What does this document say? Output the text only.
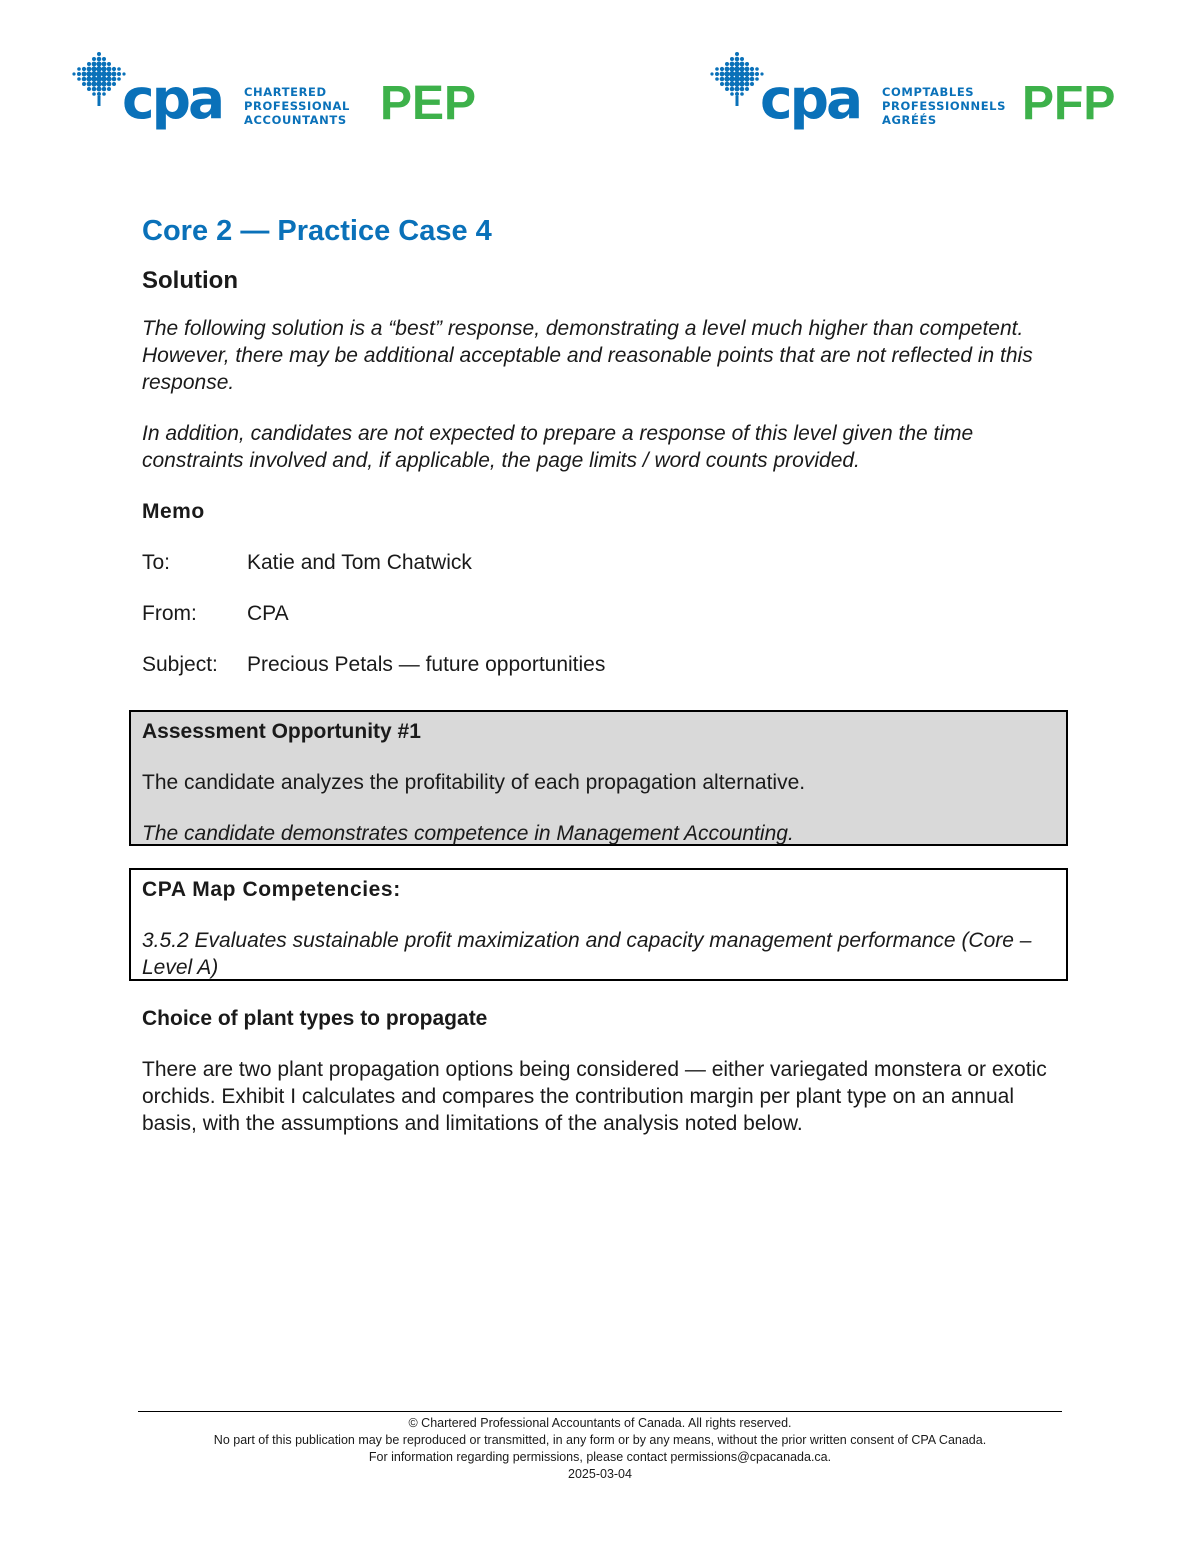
cpa CHARTERED
PROFESSIONAL
ACCOUNTANTS PEP	cpa COMPTABLES
PROFESSIONNELS
AGRÉÉS	PFP
Core 2 — Practice Case 4
Solution

The following solution is a “best” response, demonstrating a level much higher than competent. However, there may be additional acceptable and reasonable points that are not reflected in this response.

In addition, candidates are not expected to prepare a response of this level given the time constraints involved and, if applicable, the page limits / word counts provided.

Memo

To:	Katie and Tom Chatwick
From:	CPA
Subject:	Precious Petals — future opportunities

Assessment Opportunity #1

The candidate analyzes the profitability of each propagation alternative.

The candidate demonstrates competence in Management Accounting.

CPA Map Competencies:

3.5.2 Evaluates sustainable profit maximization and capacity management performance (Core – Level A)

Choice of plant types to propagate

There are two plant propagation options being considered — either variegated monstera or exotic orchids. Exhibit I calculates and compares the contribution margin per plant type on an annual basis, with the assumptions and limitations of the analysis noted below.

© Chartered Professional Accountants of Canada. All rights reserved.
No part of this publication may be reproduced or transmitted, in any form or by any means, without the prior written consent of CPA Canada.
For information regarding permissions, please contact permissions@cpacanada.ca.
2025-03-04
